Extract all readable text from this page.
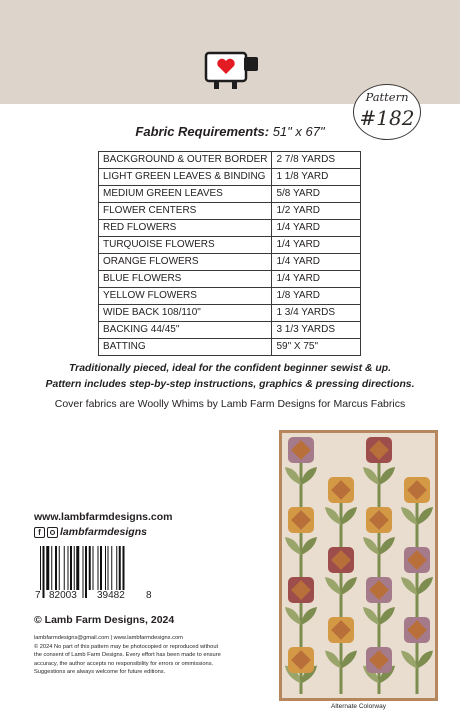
Pattern
#182
Fabric Requirements: 51" x 67"
BACKGROUND & OUTER BORDER	2 7/8 YARDS
LIGHT GREEN LEAVES & BINDING	1 1/8 YARD
MEDIUM GREEN LEAVES	5/8 YARD
FLOWER CENTERS	1/2 YARD
RED FLOWERS	1/4 YARD
TURQUOISE FLOWERS	1/4 YARD
ORANGE FLOWERS	1/4 YARD
BLUE FLOWERS	1/4 YARD
YELLOW FLOWERS	1/8 YARD
WIDE BACK 108/110"	1 3/4 YARDS
BACKING 44/45"	3 1/3 YARDS
BATTING	59" X 75"
Traditionally pieced, ideal for the confident beginner sewist & up.
Pattern includes step-by-step instructions, graphics & pressing directions.
Cover fabrics are Woolly Whims by Lamb Farm Designs for Marcus Fabrics
www.lambfarmdesigns.com
f	lambfarmdesigns
7 82003 39482 8
© Lamb Farm Designs, 2024
lambfarmdesigns@gmail.com | www.lambfarmdesigns.com
© 2024 No part of this pattern may be photocopied or reproduced without
the consent of Lamb Farm Designs. Every effort has been made to ensure
accuracy, the author accepts no responsibility for errors or ommissions.
Suggestions are always welcome for future editions.
Alternate Colorway
